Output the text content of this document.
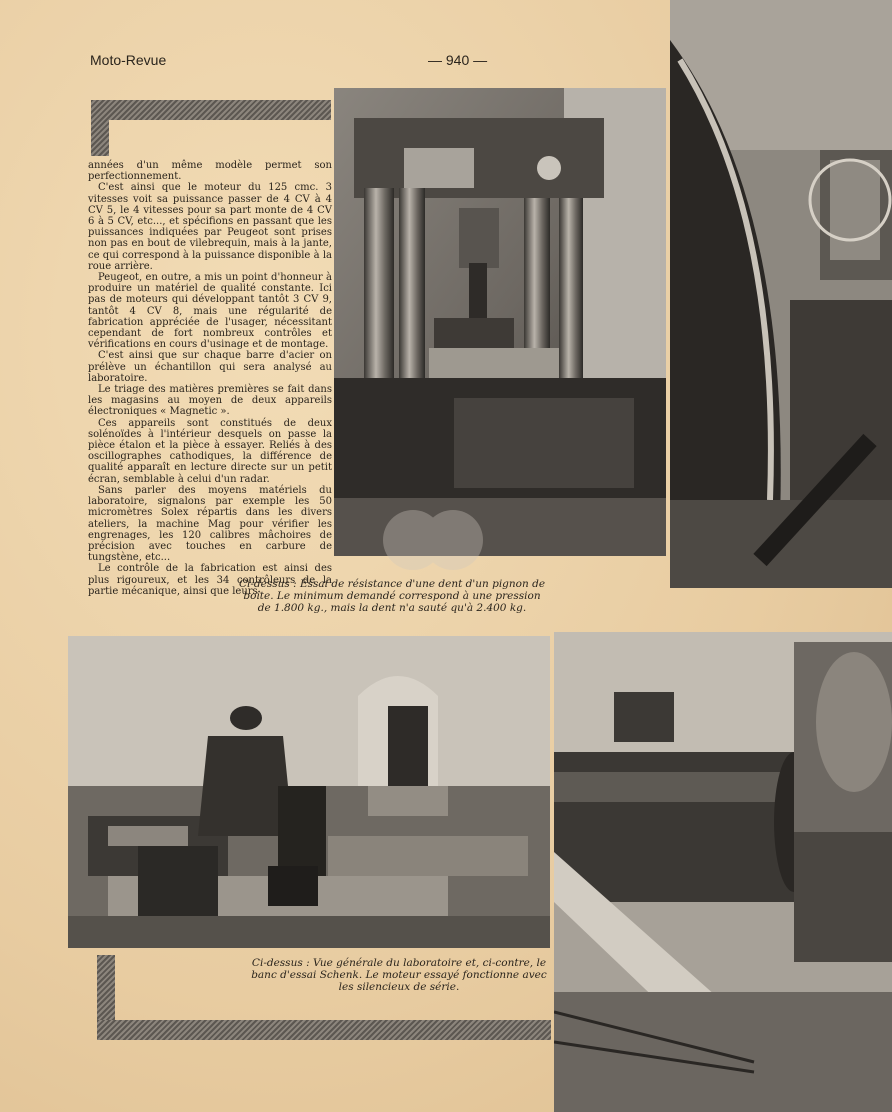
Moto-Revue	— 940 —

années d'un même modèle permet son perfectionnement.

C'est ainsi que le moteur du 125 cmc. 3 vitesses voit sa puissance passer de 4 CV à 4 CV 5, le 4 vitesses pour sa part monte de 4 CV 6 à 5 CV, etc..., et spécifions en passant que les puissances indiquées par Peugeot sont prises non pas en bout de vilebrequin, mais à la jante, ce qui correspond à la puissance disponible à la roue arrière.

Peugeot, en outre, a mis un point d'honneur à produire un matériel de qualité constante. Ici pas de moteurs qui développant tantôt 3 CV 9, tantôt 4 CV 8, mais une régularité de fabrication appréciée de l'usager, nécessitant cependant de fort nombreux contrôles et vérifications en cours d'usinage et de montage.

C'est ainsi que sur chaque barre d'acier on prélève un échantillon qui sera analysé au laboratoire.

Le triage des matières premières se fait dans les magasins au moyen de deux appareils électroniques « Magnetic ».

Ces appareils sont constitués de deux solénoïdes à l'intérieur desquels on passe la pièce étalon et la pièce à essayer. Reliés à des oscillographes cathodiques, la différence de qualité apparaît en lecture directe sur un petit écran, semblable à celui d'un radar.

Sans parler des moyens matériels du laboratoire, signalons par exemple les 50 micromètres Solex répartis dans les divers ateliers, la machine Mag pour vérifier les engrenages, les 120 calibres mâchoires de précision avec touches en carbure de tungstène, etc...

Le contrôle de la fabrication est ainsi des plus rigoureux, et les 34 contrôleurs de la partie mécanique, ainsi que leurs

Ci-dessus : Essai de résistance d'une dent d'un pignon de boîte. Le minimum demandé correspond à une pression de 1.800 kg., mais la dent n'a sauté qu'à 2.400 kg.
Ci-dessus : Vue générale du laboratoire et, ci-contre, le banc d'essai Schenk. Le moteur essayé fonctionne avec les silencieux de série.
